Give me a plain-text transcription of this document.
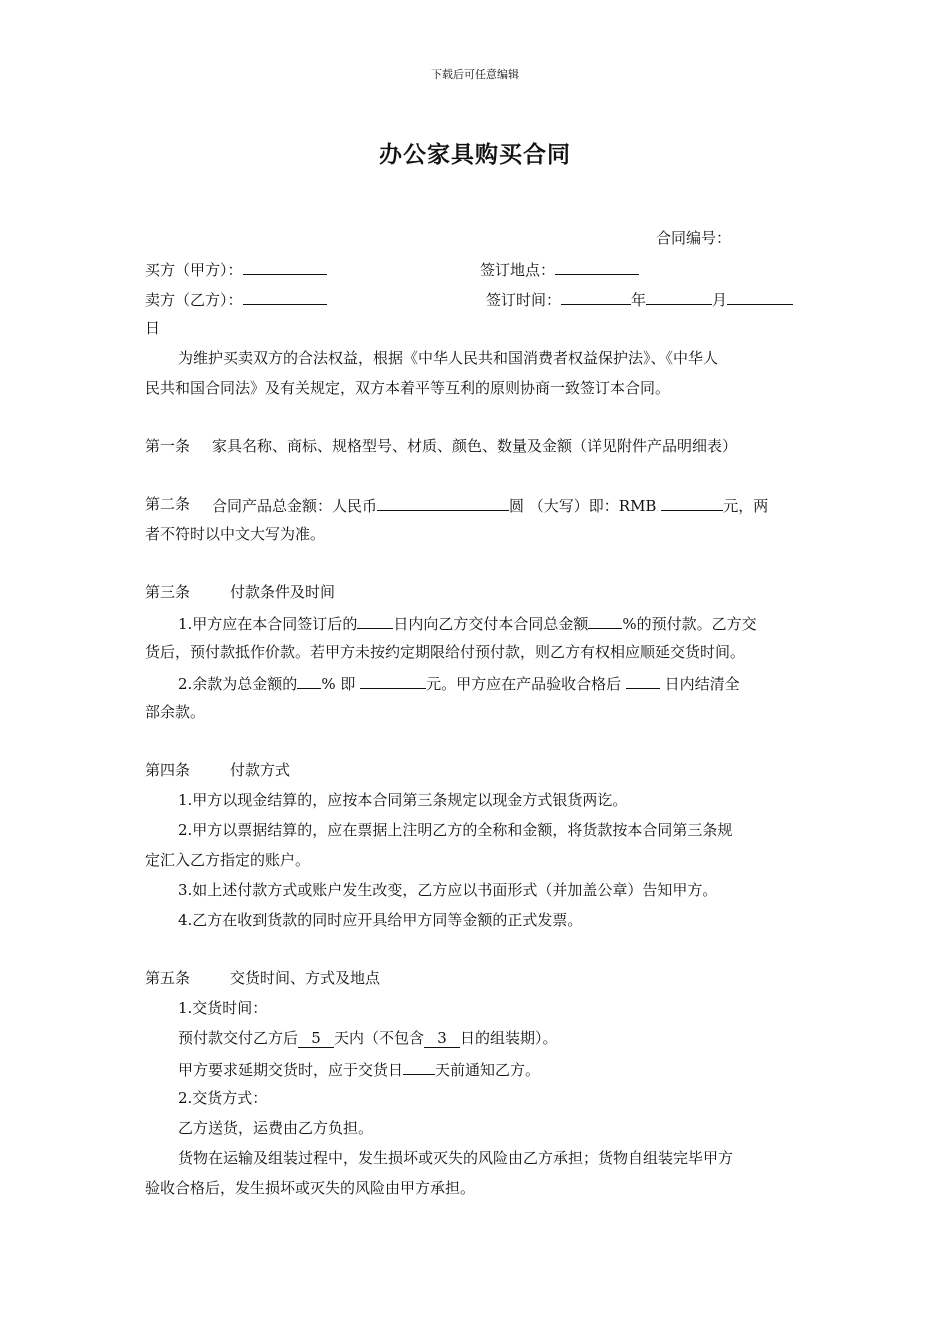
下载后可任意编辑
办公家具购买合同
合同编号：
买方（甲方）：	签订地点：
卖方（乙方）：	签订时间：	年	月
日
为维护买卖双方的合法权益，根据《中华人民共和国消费者权益保护法》、《中华人
民共和国合同法》及有关规定，双方本着平等互利的原则协商一致签订本合同。
第一条 家具名称、商标、规格型号、材质、颜色、数量及金额（详见附件产品明细表）
第二条 合同产品总金额：人民币	圆 （大写）即：RMB	元，两
者不符时以中文大写为准。
第三条	付款条件及时间
1.甲方应在本合同签订后的 日内向乙方交付本合同总金额 %的预付款。乙方交
货后，预付款抵作价款。若甲方未按约定期限给付预付款，则乙方有权相应顺延交货时间。
2.余款为总金额的 % 即	元。甲方应在产品验收合格后  日内结清全
部余款。
第四条	付款方式
1.甲方以现金结算的，应按本合同第三条规定以现金方式银货两讫。
2.甲方以票据结算的，应在票据上注明乙方的全称和金额，将货款按本合同第三条规
定汇入乙方指定的账户。
3.如上述付款方式或账户发生改变，乙方应以书面形式（并加盖公章）告知甲方。
4.乙方在收到货款的同时应开具给甲方同等金额的正式发票。
第五条	交货时间、方式及地点
1.交货时间：
预付款交付乙方后 5 天内（不包含 3 日的组装期）。
甲方要求延期交货时，应于交货日 天前通知乙方。
2.交货方式：
乙方送货，运费由乙方负担。
货物在运输及组装过程中，发生损坏或灭失的风险由乙方承担；货物自组装完毕甲方
验收合格后，发生损坏或灭失的风险由甲方承担。
